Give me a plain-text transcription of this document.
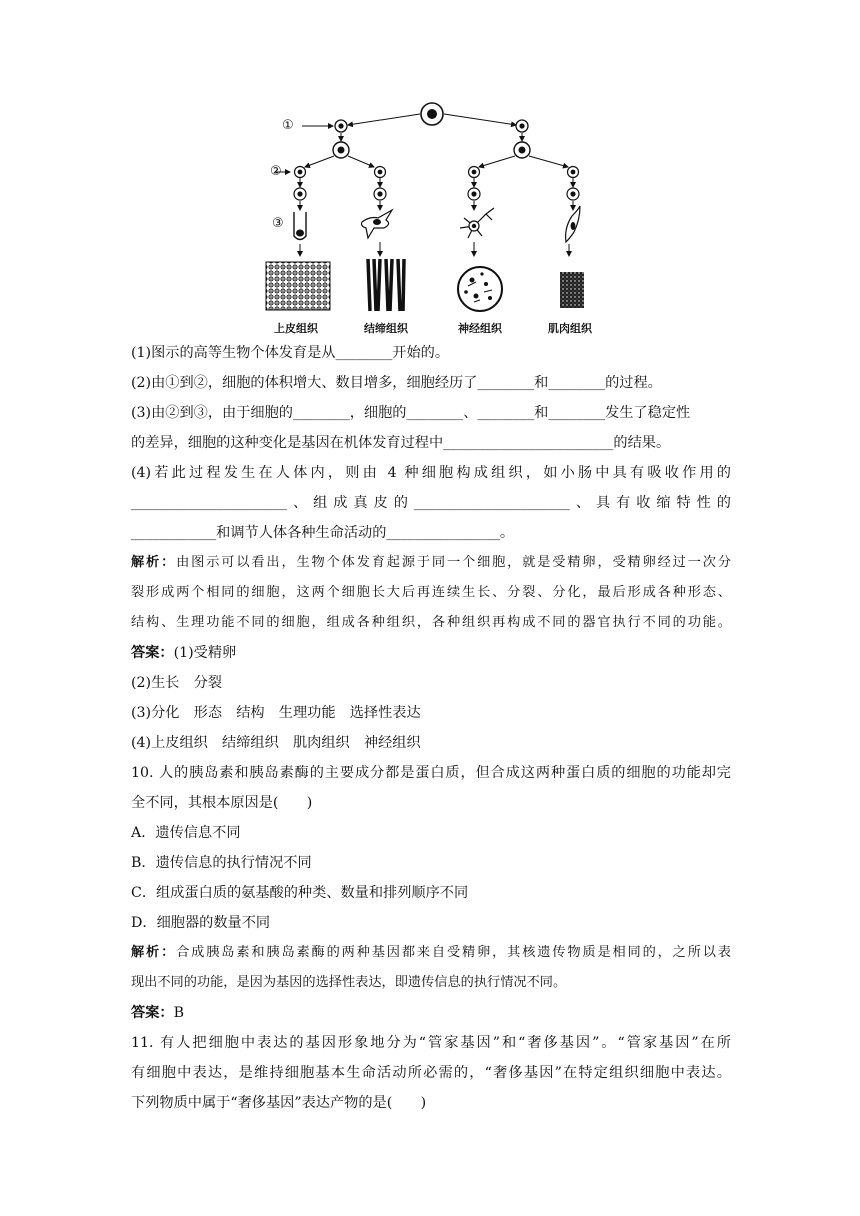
①
②
③
上皮组织	结缔组织	神经组织	肌肉组织
(1)图示的高等生物个体发育是从________开始的。
(2)由①到②，细胞的体积增大、数目增多，细胞经历了________和________的过程。
(3)由②到③，由于细胞的________，细胞的________、________和________发生了稳定性
的差异，细胞的这种变化是基因在机体发育过程中________________________的结果。
(4)若此过程发生在人体内，则由 4 种细胞构成组织，如小肠中具有吸收作用的
______________________、组成真皮的______________________、具有收缩特性的
____________和调节人体各种生命活动的________________。
解析：由图示可以看出，生物个体发育起源于同一个细胞，就是受精卵，受精卵经过一次分
裂形成两个相同的细胞，这两个细胞长大后再连续生长、分裂、分化，最后形成各种形态、
结构、生理功能不同的细胞，组成各种组织，各种组织再构成不同的器官执行不同的功能。
答案：(1)受精卵
(2)生长　分裂
(3)分化　形态　结构　生理功能　选择性表达
(4)上皮组织　结缔组织　肌肉组织　神经组织
10. 人的胰岛素和胰岛素酶的主要成分都是蛋白质，但合成这两种蛋白质的细胞的功能却完
全不同，其根本原因是(　　)
A．遗传信息不同
B．遗传信息的执行情况不同
C．组成蛋白质的氨基酸的种类、数量和排列顺序不同
D．细胞器的数量不同
解析：合成胰岛素和胰岛素酶的两种基因都来自受精卵，其核遗传物质是相同的，之所以表
现出不同的功能，是因为基因的选择性表达，即遗传信息的执行情况不同。
答案：B
11. 有人把细胞中表达的基因形象地分为“管家基因”和“奢侈基因”。“管家基因”在所
有细胞中表达，是维持细胞基本生命活动所必需的，“奢侈基因”在特定组织细胞中表达。
下列物质中属于“奢侈基因”表达产物的是(　　)
